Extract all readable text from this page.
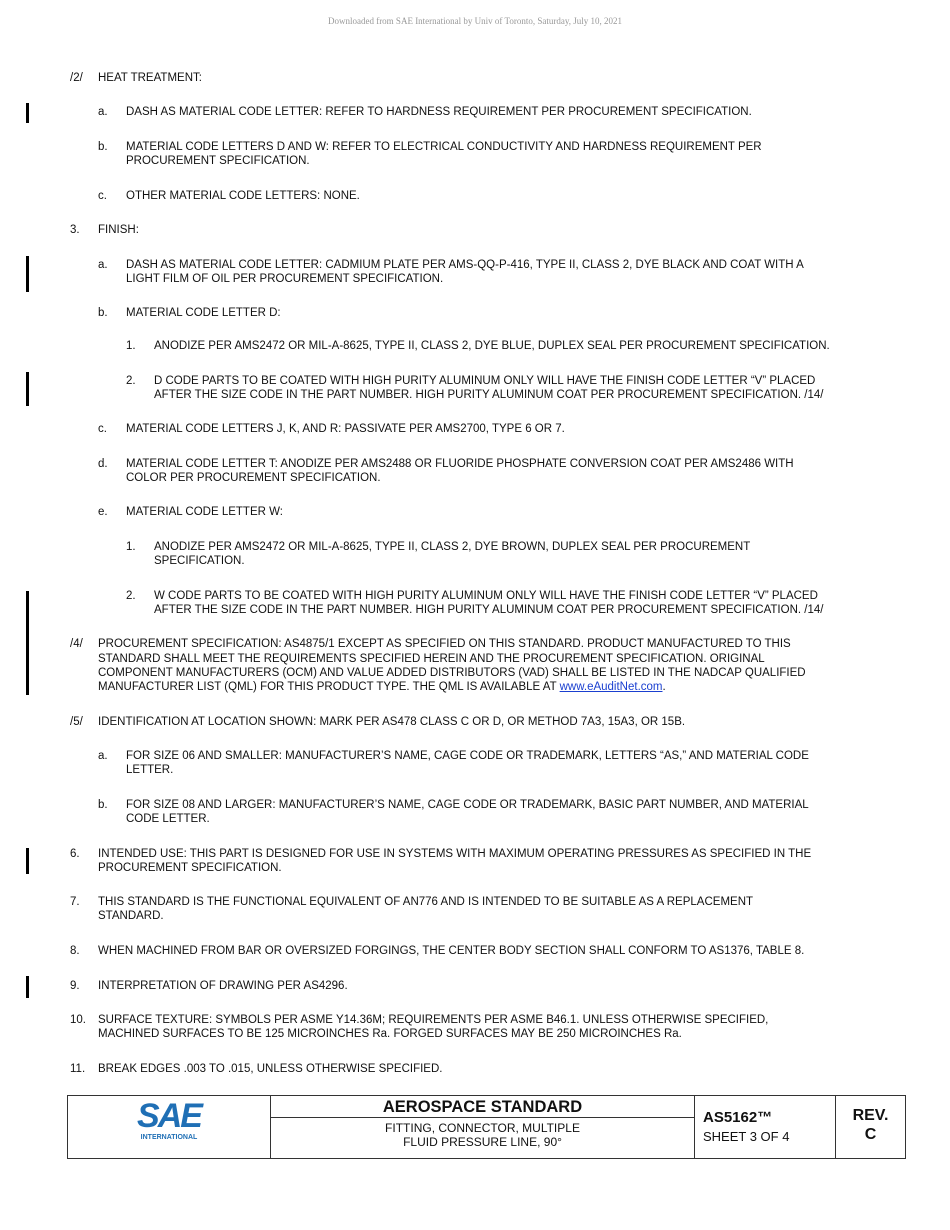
Downloaded from SAE International by Univ of Toronto, Saturday, July 10, 2021
/2/ HEAT TREATMENT:
a. DASH AS MATERIAL CODE LETTER: REFER TO HARDNESS REQUIREMENT PER PROCUREMENT SPECIFICATION.
b. MATERIAL CODE LETTERS D AND W: REFER TO ELECTRICAL CONDUCTIVITY AND HARDNESS REQUIREMENT PER
PROCUREMENT SPECIFICATION.
c. OTHER MATERIAL CODE LETTERS: NONE.
3. FINISH:
a. DASH AS MATERIAL CODE LETTER: CADMIUM PLATE PER AMS-QQ-P-416, TYPE II, CLASS 2, DYE BLACK AND COAT WITH A
LIGHT FILM OF OIL PER PROCUREMENT SPECIFICATION.
b. MATERIAL CODE LETTER D:
1. ANODIZE PER AMS2472 OR MIL-A-8625, TYPE II, CLASS 2, DYE BLUE, DUPLEX SEAL PER PROCUREMENT SPECIFICATION.
2. D CODE PARTS TO BE COATED WITH HIGH PURITY ALUMINUM ONLY WILL HAVE THE FINISH CODE LETTER “V” PLACED
AFTER THE SIZE CODE IN THE PART NUMBER. HIGH PURITY ALUMINUM COAT PER PROCUREMENT SPECIFICATION. /14/
c. MATERIAL CODE LETTERS J, K, AND R: PASSIVATE PER AMS2700, TYPE 6 OR 7.
d. MATERIAL CODE LETTER T: ANODIZE PER AMS2488 OR FLUORIDE PHOSPHATE CONVERSION COAT PER AMS2486 WITH
COLOR PER PROCUREMENT SPECIFICATION.
e. MATERIAL CODE LETTER W:
1. ANODIZE PER AMS2472 OR MIL-A-8625, TYPE II, CLASS 2, DYE BROWN, DUPLEX SEAL PER PROCUREMENT
SPECIFICATION.
2. W CODE PARTS TO BE COATED WITH HIGH PURITY ALUMINUM ONLY WILL HAVE THE FINISH CODE LETTER “V” PLACED
AFTER THE SIZE CODE IN THE PART NUMBER. HIGH PURITY ALUMINUM COAT PER PROCUREMENT SPECIFICATION. /14/
/4/ PROCUREMENT SPECIFICATION: AS4875/1 EXCEPT AS SPECIFIED ON THIS STANDARD. PRODUCT MANUFACTURED TO THIS
STANDARD SHALL MEET THE REQUIREMENTS SPECIFIED HEREIN AND THE PROCUREMENT SPECIFICATION. ORIGINAL
COMPONENT MANUFACTURERS (OCM) AND VALUE ADDED DISTRIBUTORS (VAD) SHALL BE LISTED IN THE NADCAP QUALIFIED
MANUFACTURER LIST (QML) FOR THIS PRODUCT TYPE. THE QML IS AVAILABLE AT www.eAuditNet.com.
/5/ IDENTIFICATION AT LOCATION SHOWN: MARK PER AS478 CLASS C OR D, OR METHOD 7A3, 15A3, OR 15B.
a. FOR SIZE 06 AND SMALLER: MANUFACTURER’S NAME, CAGE CODE OR TRADEMARK, LETTERS “AS,” AND MATERIAL CODE
LETTER.
b. FOR SIZE 08 AND LARGER: MANUFACTURER’S NAME, CAGE CODE OR TRADEMARK, BASIC PART NUMBER, AND MATERIAL
CODE LETTER.
6. INTENDED USE: THIS PART IS DESIGNED FOR USE IN SYSTEMS WITH MAXIMUM OPERATING PRESSURES AS SPECIFIED IN THE
PROCUREMENT SPECIFICATION.
7. THIS STANDARD IS THE FUNCTIONAL EQUIVALENT OF AN776 AND IS INTENDED TO BE SUITABLE AS A REPLACEMENT
STANDARD.
8. WHEN MACHINED FROM BAR OR OVERSIZED FORGINGS, THE CENTER BODY SECTION SHALL CONFORM TO AS1376, TABLE 8.
9. INTERPRETATION OF DRAWING PER AS4296.
10. SURFACE TEXTURE: SYMBOLS PER ASME Y14.36M; REQUIREMENTS PER ASME B46.1. UNLESS OTHERWISE SPECIFIED,
MACHINED SURFACES TO BE 125 MICROINCHES Ra. FORGED SURFACES MAY BE 250 MICROINCHES Ra.
11. BREAK EDGES .003 TO .015, UNLESS OTHERWISE SPECIFIED.
SAE
INTERNATIONAL
AEROSPACE STANDARD
FITTING, CONNECTOR, MULTIPLE
FLUID PRESSURE LINE, 90°
AS5162™
SHEET 3 OF 4
REV.
C
